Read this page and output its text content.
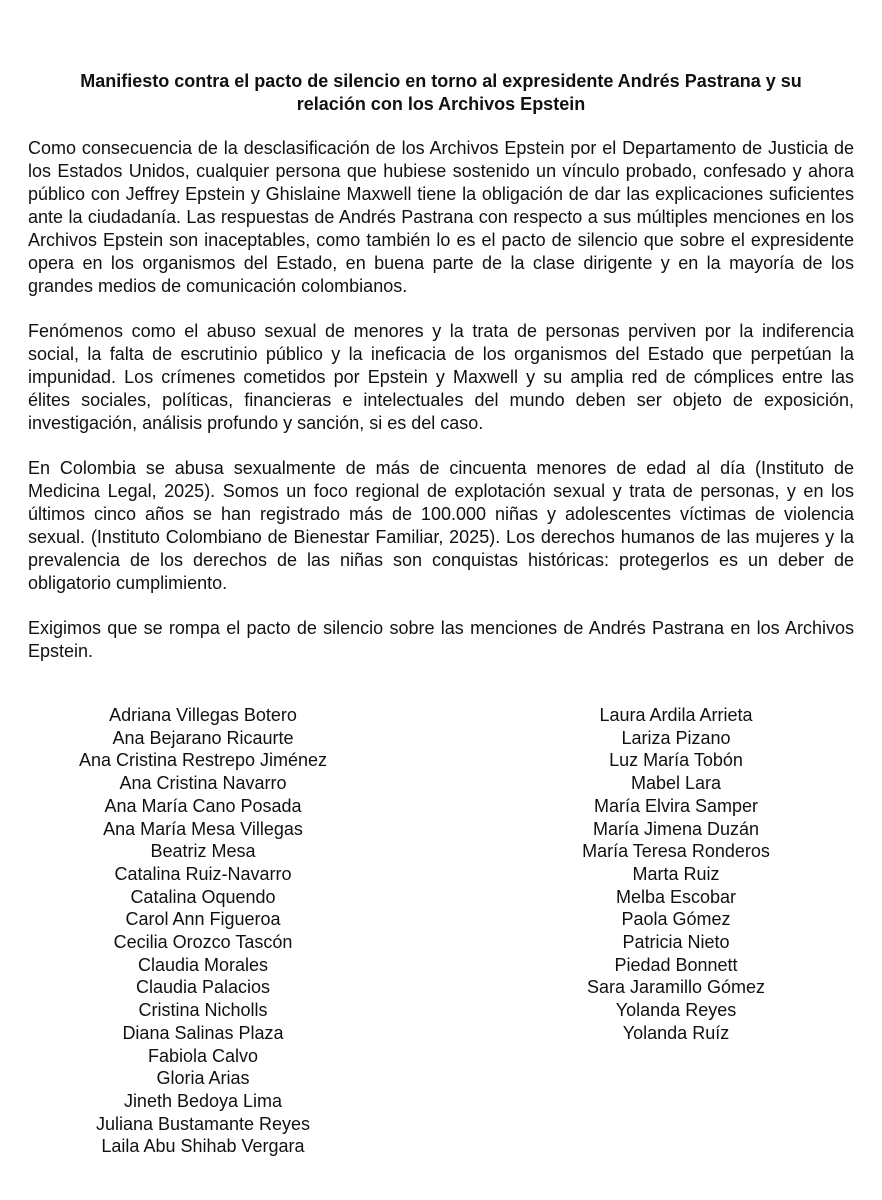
Manifiesto contra el pacto de silencio en torno al expresidente Andrés Pastrana y su
relación con los Archivos Epstein

Como consecuencia de la desclasificación de los Archivos Epstein por el Departamento de Justicia de los Estados Unidos, cualquier persona que hubiese sostenido un vínculo probado, confesado y ahora público con Jeffrey Epstein y Ghislaine Maxwell tiene la obligación de dar las explicaciones suficientes ante la ciudadanía. Las respuestas de Andrés Pastrana con respecto a sus múltiples menciones en los Archivos Epstein son inaceptables, como también lo es el pacto de silencio que sobre el expresidente opera en los organismos del Estado, en buena parte de la clase dirigente y en la mayoría de los grandes medios de comunicación colombianos.

Fenómenos como el abuso sexual de menores y la trata de personas perviven por la indiferencia social, la falta de escrutinio público y la ineficacia de los organismos del Estado que perpetúan la impunidad. Los crímenes cometidos por Epstein y Maxwell y su amplia red de cómplices entre las élites sociales, políticas, financieras e intelectuales del mundo deben ser objeto de exposición, investigación, análisis profundo y sanción, si es del caso.

En Colombia se abusa sexualmente de más de cincuenta menores de edad al día (Instituto de Medicina Legal, 2025). Somos un foco regional de explotación sexual y trata de personas, y en los últimos cinco años se han registrado más de 100.000 niñas y adolescentes víctimas de violencia sexual. (Instituto Colombiano de Bienestar Familiar, 2025). Los derechos humanos de las mujeres y la prevalencia de los derechos de las niñas son conquistas históricas: protegerlos es un deber de obligatorio cumplimiento.

Exigimos que se rompa el pacto de silencio sobre las menciones de Andrés Pastrana en los Archivos Epstein.

Adriana Villegas Botero
Ana Bejarano Ricaurte
Ana Cristina Restrepo Jiménez
Ana Cristina Navarro
Ana María Cano Posada
Ana María Mesa Villegas
Beatriz Mesa
Catalina Ruiz-Navarro
Catalina Oquendo
Carol Ann Figueroa
Cecilia Orozco Tascón
Claudia Morales
Claudia Palacios
Cristina Nicholls
Diana Salinas Plaza
Fabiola Calvo
Gloria Arias
Jineth Bedoya Lima
Juliana Bustamante Reyes
Laila Abu Shihab Vergara
Laura Ardila Arrieta
Lariza Pizano
Luz María Tobón
Mabel Lara
María Elvira Samper
María Jimena Duzán
María Teresa Ronderos
Marta Ruiz
Melba Escobar
Paola Gómez
Patricia Nieto
Piedad Bonnett
Sara Jaramillo Gómez
Yolanda Reyes
Yolanda Ruíz
